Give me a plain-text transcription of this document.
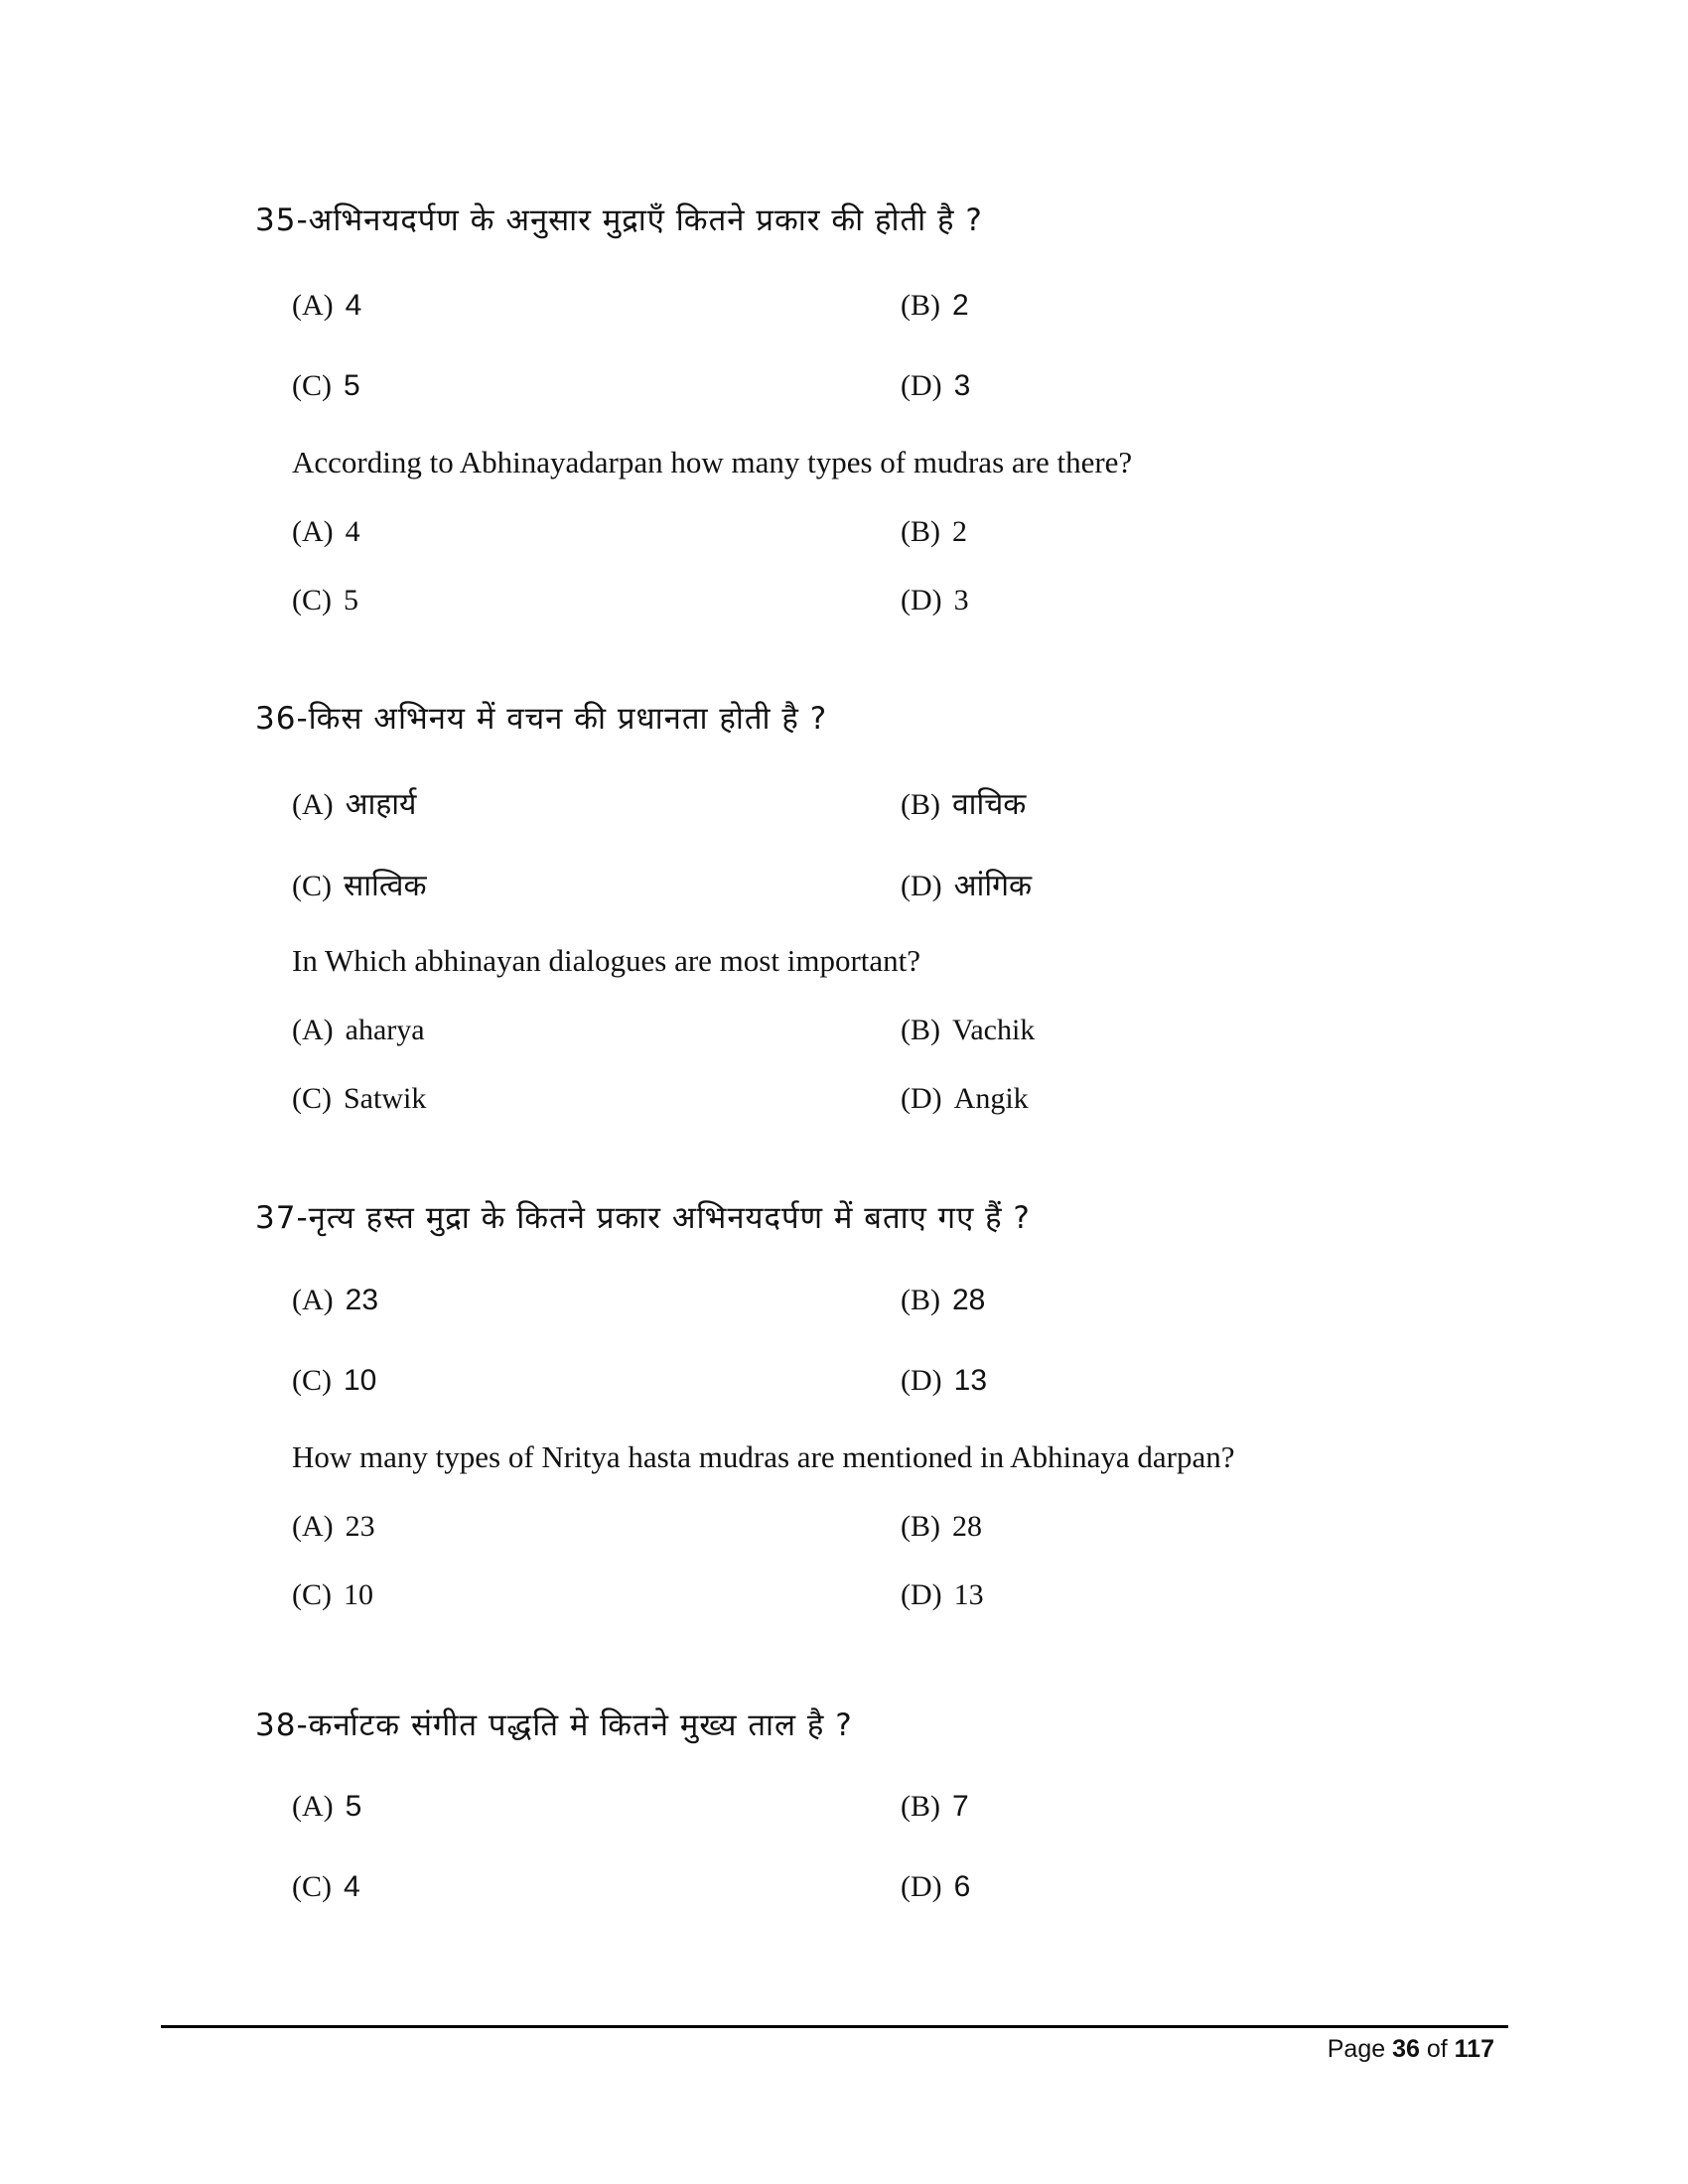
35-अभिनयदर्पण के अनुसार मुद्राएँ कितने प्रकार की होती है ?
(A) 4	(B) 2
(C) 5	(D) 3
According to Abhinayadarpan how many types of mudras are there?
(A) 4	(B) 2
(C) 5	(D) 3
36-किस अभिनय में वचन की प्रधानता होती है ?
(A) आहार्य	(B) वाचिक
(C) सात्विक	(D) आंगिक
In Which abhinayan dialogues are most important?
(A) aharya	(B) Vachik
(C) Satwik	(D) Angik
37-नृत्य हस्त मुद्रा के कितने प्रकार अभिनयदर्पण में बताए गए हैं ?
(A) 23	(B) 28
(C) 10	(D) 13
How many types of Nritya hasta mudras are mentioned in Abhinaya darpan?
(A) 23	(B) 28
(C) 10	(D) 13
38-कर्नाटक संगीत पद्धति मे कितने मुख्य ताल है ?
(A) 5	(B) 7
(C) 4	(D) 6
Page 36 of 117
